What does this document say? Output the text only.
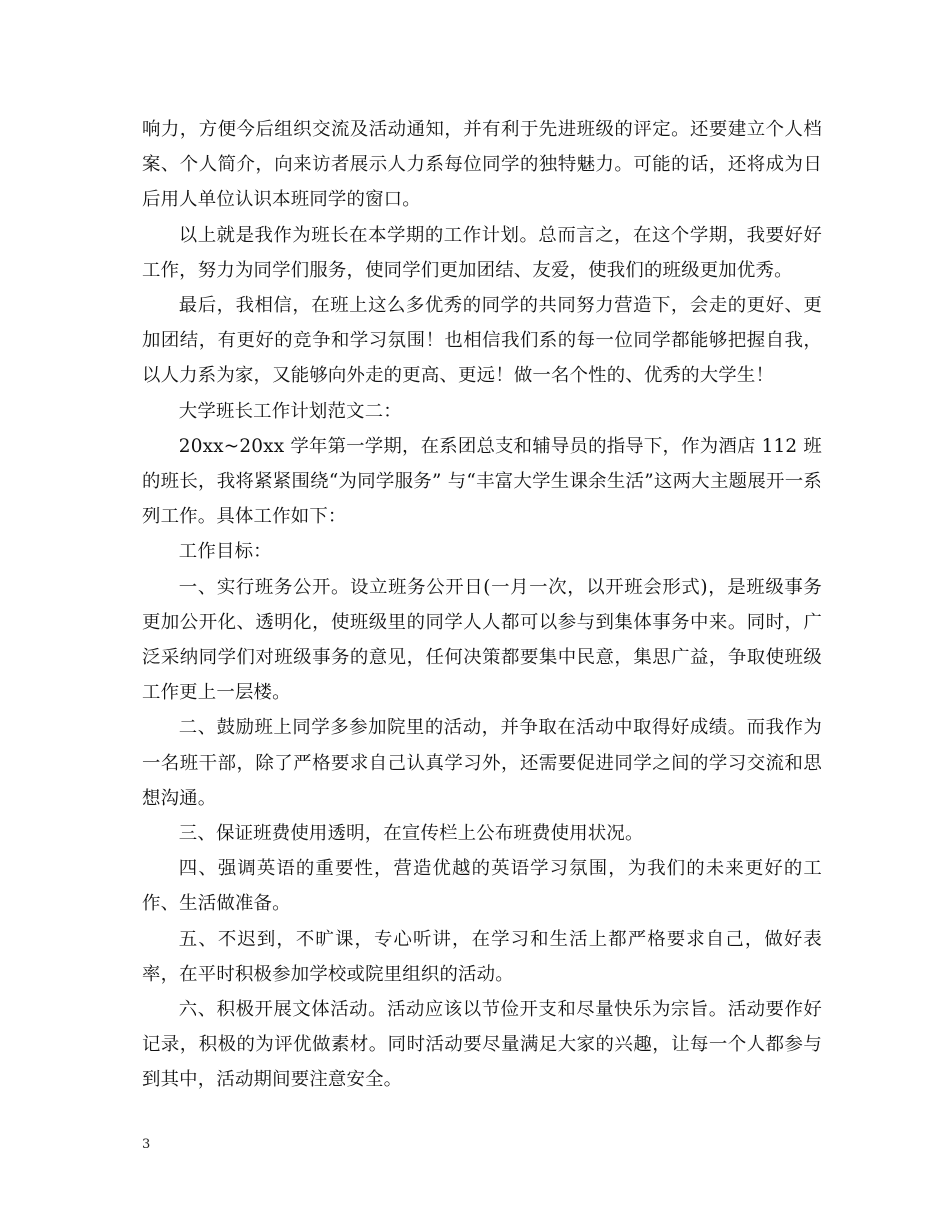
响力，方便今后组织交流及活动通知，并有利于先进班级的评定。还要建立个人档案、个人简介，向来访者展示人力系每位同学的独特魅力。可能的话，还将成为日后用人单位认识本班同学的窗口。

以上就是我作为班长在本学期的工作计划。总而言之，在这个学期，我要好好工作，努力为同学们服务，使同学们更加团结、友爱，使我们的班级更加优秀。

最后，我相信，在班上这么多优秀的同学的共同努力营造下，会走的更好、更加团结，有更好的竞争和学习氛围！也相信我们系的每一位同学都能够把握自我，以人力系为家，又能够向外走的更高、更远！做一名个性的、优秀的大学生！

大学班长工作计划范文二：

20xx~20xx 学年第一学期，在系团总支和辅导员的指导下，作为酒店 112 班的班长，我将紧紧围绕“为同学服务” 与“丰富大学生课余生活”这两大主题展开一系列工作。具体工作如下：

工作目标：

一、实行班务公开。设立班务公开日(一月一次，以开班会形式)，是班级事务更加公开化、透明化，使班级里的同学人人都可以参与到集体事务中来。同时，广泛采纳同学们对班级事务的意见，任何决策都要集中民意，集思广益，争取使班级工作更上一层楼。

二、鼓励班上同学多参加院里的活动，并争取在活动中取得好成绩。而我作为一名班干部，除了严格要求自己认真学习外，还需要促进同学之间的学习交流和思想沟通。

三、保证班费使用透明，在宣传栏上公布班费使用状况。

四、强调英语的重要性，营造优越的英语学习氛围，为我们的未来更好的工作、生活做准备。

五、不迟到，不旷课，专心听讲，在学习和生活上都严格要求自己，做好表率，在平时积极参加学校或院里组织的活动。

六、积极开展文体活动。活动应该以节俭开支和尽量快乐为宗旨。活动要作好记录，积极的为评优做素材。同时活动要尽量满足大家的兴趣，让每一个人都参与到其中，活动期间要注意安全。

3
